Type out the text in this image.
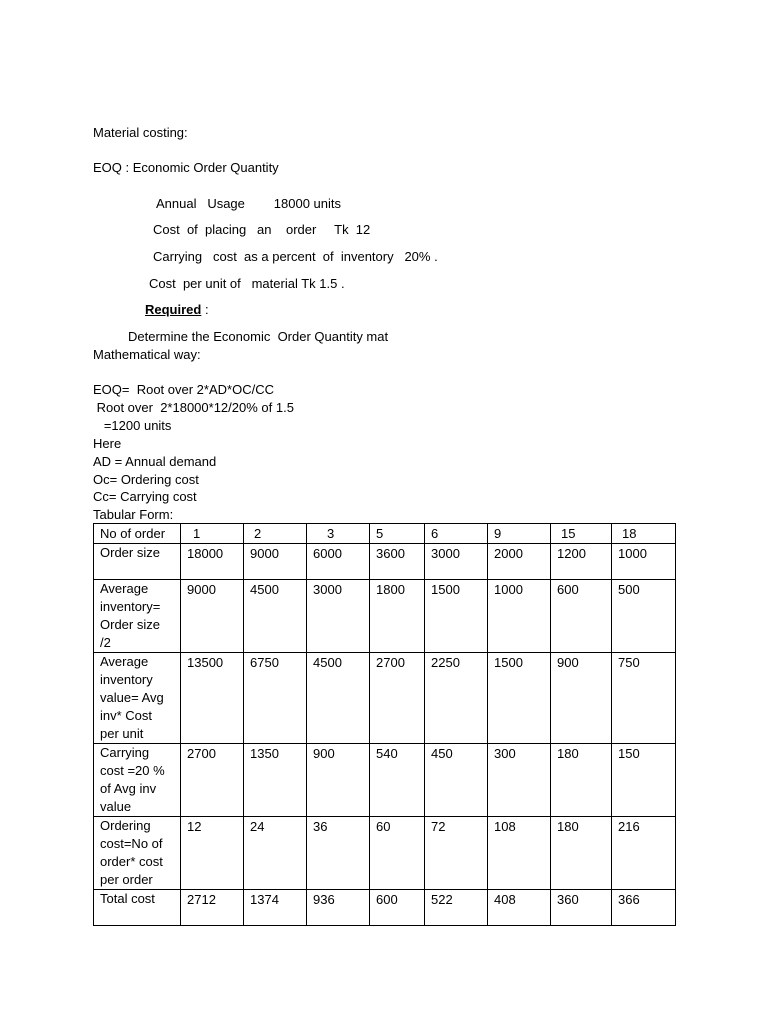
Material costing:
EOQ : Economic Order Quantity
Annual   Usage        18000 units
Cost  of  placing   an    order     Tk  12
Carrying   cost  as a percent  of  inventory   20% .
Cost  per unit of   material Tk 1.5 .
Required :
Determine the Economic  Order Quantity mat
Mathematical way:
EOQ=  Root over 2*AD*OC/CC
Root over  2*18000*12/20% of 1.5
=1200 units
Here
AD = Annual demand
Oc= Ordering cost
Cc= Carrying cost
Tabular Form:
No of order	1	2	3	5	6	9	15	18
Order size	18000	9000	6000	3600	3000	2000	1200	1000
Average inventory= Order size /2	9000	4500	3000	1800	1500	1000	600	500
Average inventory value= Avg inv* Cost per unit	13500	6750	4500	2700	2250	1500	900	750
Carrying cost =20 % of Avg inv value	2700	1350	900	540	450	300	180	150
Ordering cost=No of order* cost per order	12	24	36	60	72	108	180	216
Total cost	2712	1374	936	600	522	408	360	366
